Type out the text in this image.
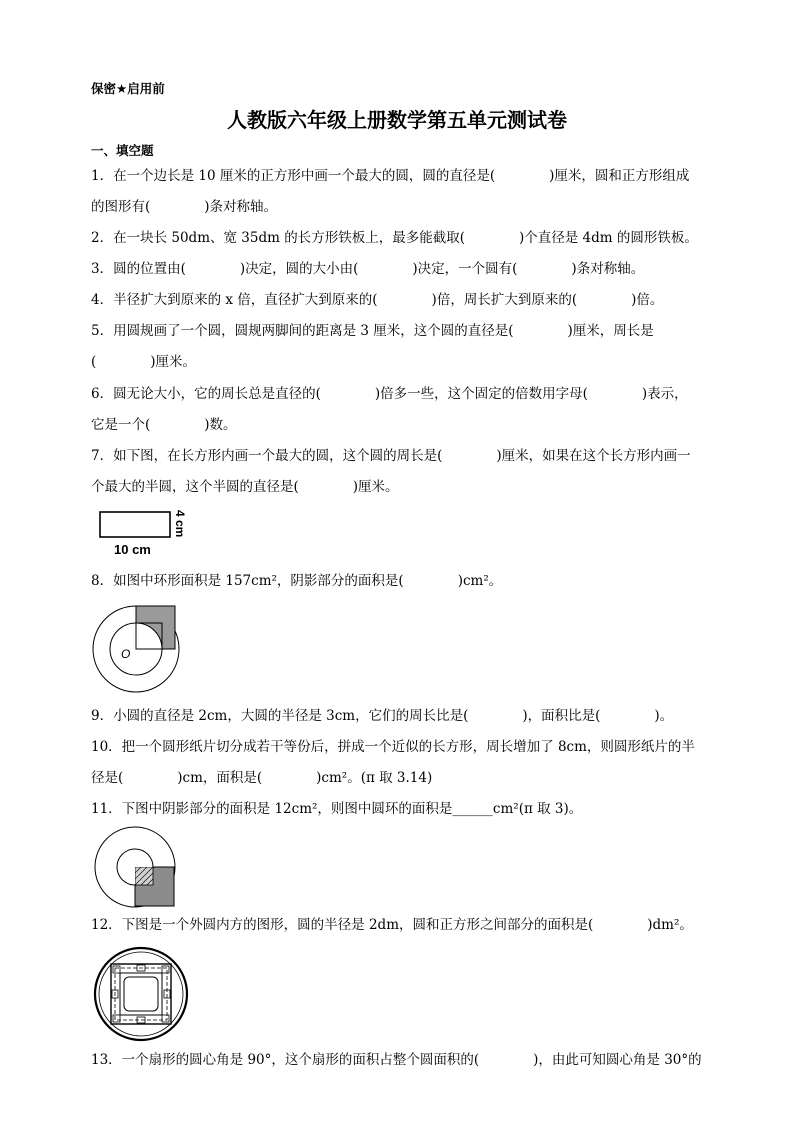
保密★启用前
人教版六年级上册数学第五单元测试卷
一、填空题
1．在一个边长是 10 厘米的正方形中画一个最大的圆，圆的直径是(　　　　)厘米，圆和正方形组成
的图形有(　　　　)条对称轴。
2．在一块长 50dm、宽 35dm 的长方形铁板上，最多能截取(　　　　)个直径是 4dm 的圆形铁板。
3．圆的位置由(　　　　)决定，圆的大小由(　　　　)决定，一个圆有(　　　　)条对称轴。
4．半径扩大到原来的 x 倍，直径扩大到原来的(　　　　)倍，周长扩大到原来的(　　　　)倍。
5．用圆规画了一个圆，圆规两脚间的距离是 3 厘米，这个圆的直径是(　　　　)厘米，周长是
(　　　　)厘米。
6．圆无论大小，它的周长总是直径的(　　　　)倍多一些，这个固定的倍数用字母(　　　　)表示，
它是一个(　　　　)数。
7．如下图，在长方形内画一个最大的圆，这个圆的周长是(　　　　)厘米，如果在这个长方形内画一
个最大的半圆，这个半圆的直径是(　　　　)厘米。
10 cm
4 cm
8．如图中环形面积是 157cm²，阴影部分的面积是(　　　　)cm²。
O
9．小圆的直径是 2cm，大圆的半径是 3cm，它们的周长比是(　　　　)，面积比是(　　　　)。
10．把一个圆形纸片切分成若干等份后，拼成一个近似的长方形，周长增加了 8cm，则圆形纸片的半
径是(　　　　)cm，面积是(　　　　)cm²。(π 取 3.14)
11．下图中阴影部分的面积是 12cm²，则图中圆环的面积是______cm²(π 取 3)。
12．下图是一个外圆内方的图形，圆的半径是 2dm，圆和正方形之间部分的面积是(　　　　)dm²。
13．一个扇形的圆心角是 90°，这个扇形的面积占整个圆面积的(　　　　)，由此可知圆心角是 30°的
